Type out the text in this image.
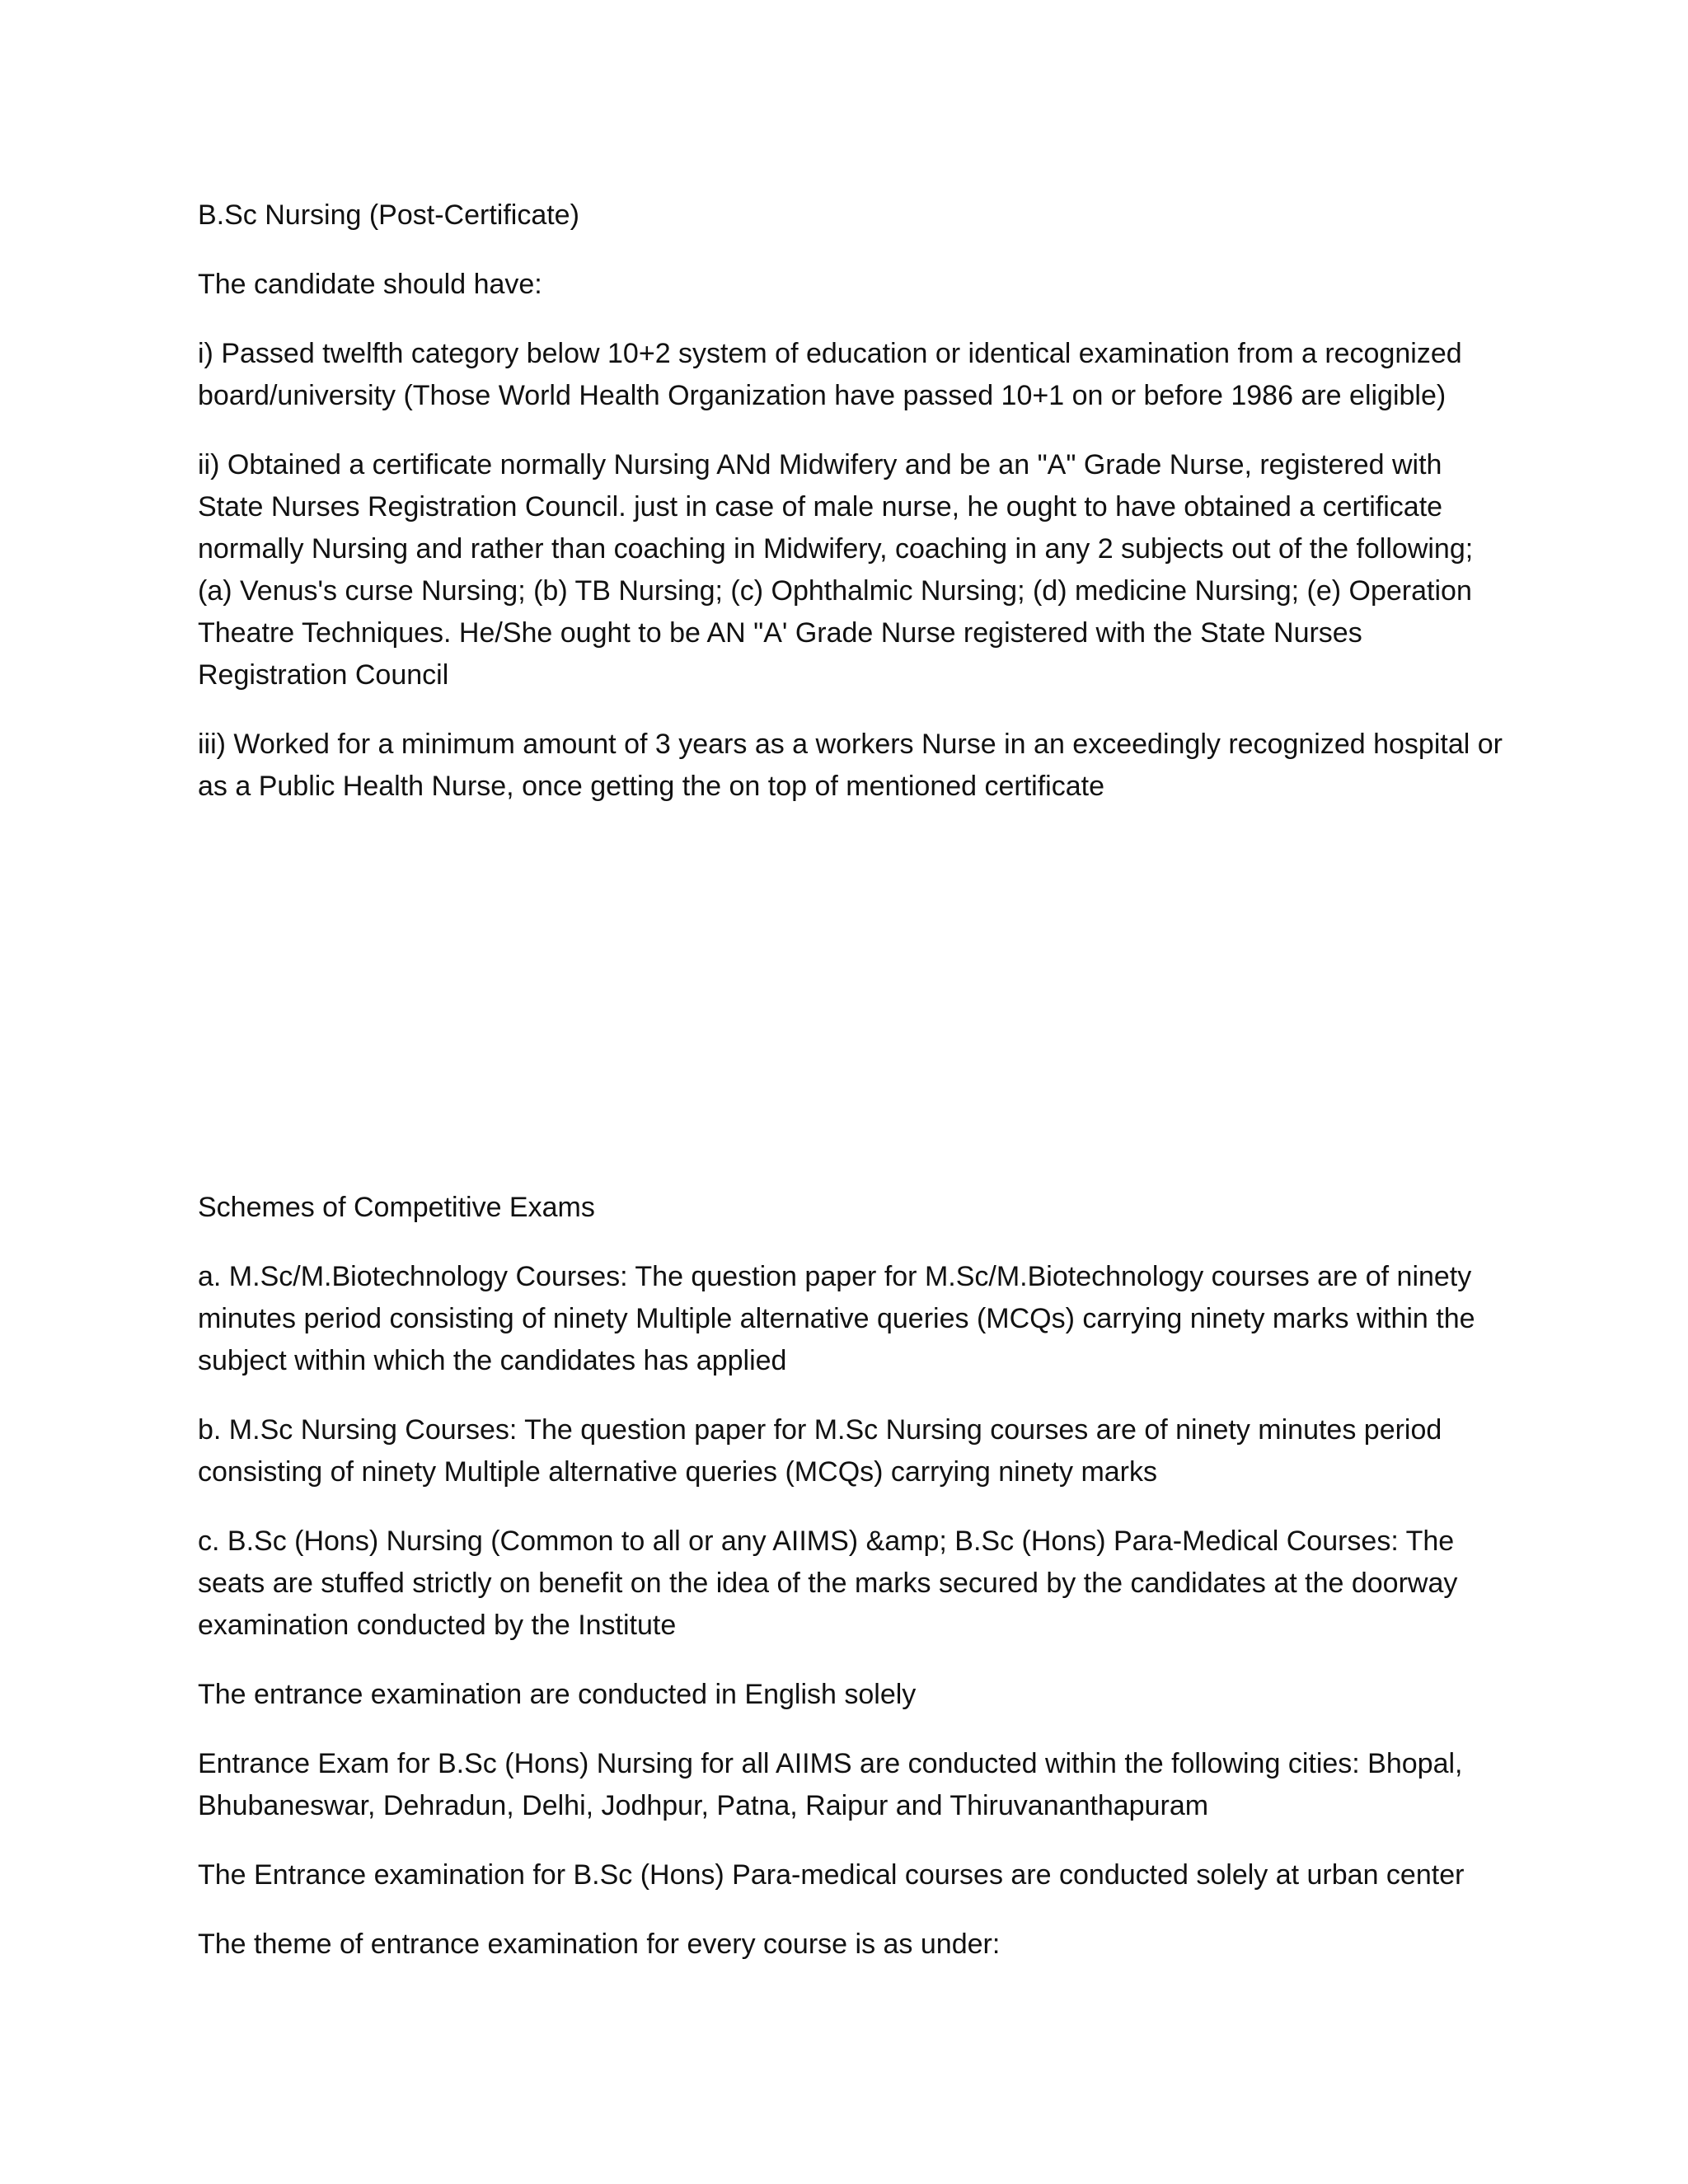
B.Sc Nursing (Post-Certificate)

The candidate should have:

i) Passed twelfth category below 10+2 system of education or identical examination from a recognized board/university (Those World Health Organization have passed 10+1 on or before 1986 are eligible)

ii) Obtained a certificate normally Nursing ANd Midwifery and be an "A" Grade Nurse, registered with State Nurses Registration Council. just in case of male nurse, he ought to have obtained a certificate normally Nursing and rather than coaching in Midwifery, coaching in any 2 subjects out of the following; (a) Venus's curse Nursing; (b) TB Nursing; (c) Ophthalmic Nursing; (d) medicine Nursing; (e) Operation Theatre Techniques. He/She ought to be AN "A' Grade Nurse registered with the State Nurses Registration Council

iii) Worked for a minimum amount of 3 years as a workers Nurse in an exceedingly recognized hospital or as a Public Health Nurse, once getting the on top of mentioned certificate

Schemes of Competitive Exams

a. M.Sc/M.Biotechnology Courses: The question paper for M.Sc/M.Biotechnology courses are of ninety minutes period consisting of ninety Multiple alternative queries (MCQs) carrying ninety marks within the subject within which the candidates has applied

b. M.Sc Nursing Courses: The question paper for M.Sc Nursing courses are of ninety minutes period consisting of ninety Multiple alternative queries (MCQs) carrying ninety marks

c. B.Sc (Hons) Nursing (Common to all or any AIIMS) &amp; B.Sc (Hons) Para-Medical Courses: The seats are stuffed strictly on benefit on the idea of the marks secured by the candidates at the doorway examination conducted by the Institute

The entrance examination are conducted in English solely

Entrance Exam for B.Sc (Hons) Nursing for all AIIMS are conducted within the following cities: Bhopal, Bhubaneswar, Dehradun, Delhi, Jodhpur, Patna, Raipur and Thiruvananthapuram

The Entrance examination for B.Sc (Hons) Para-medical courses are conducted solely at urban center

The theme of entrance examination for every course is as under:
